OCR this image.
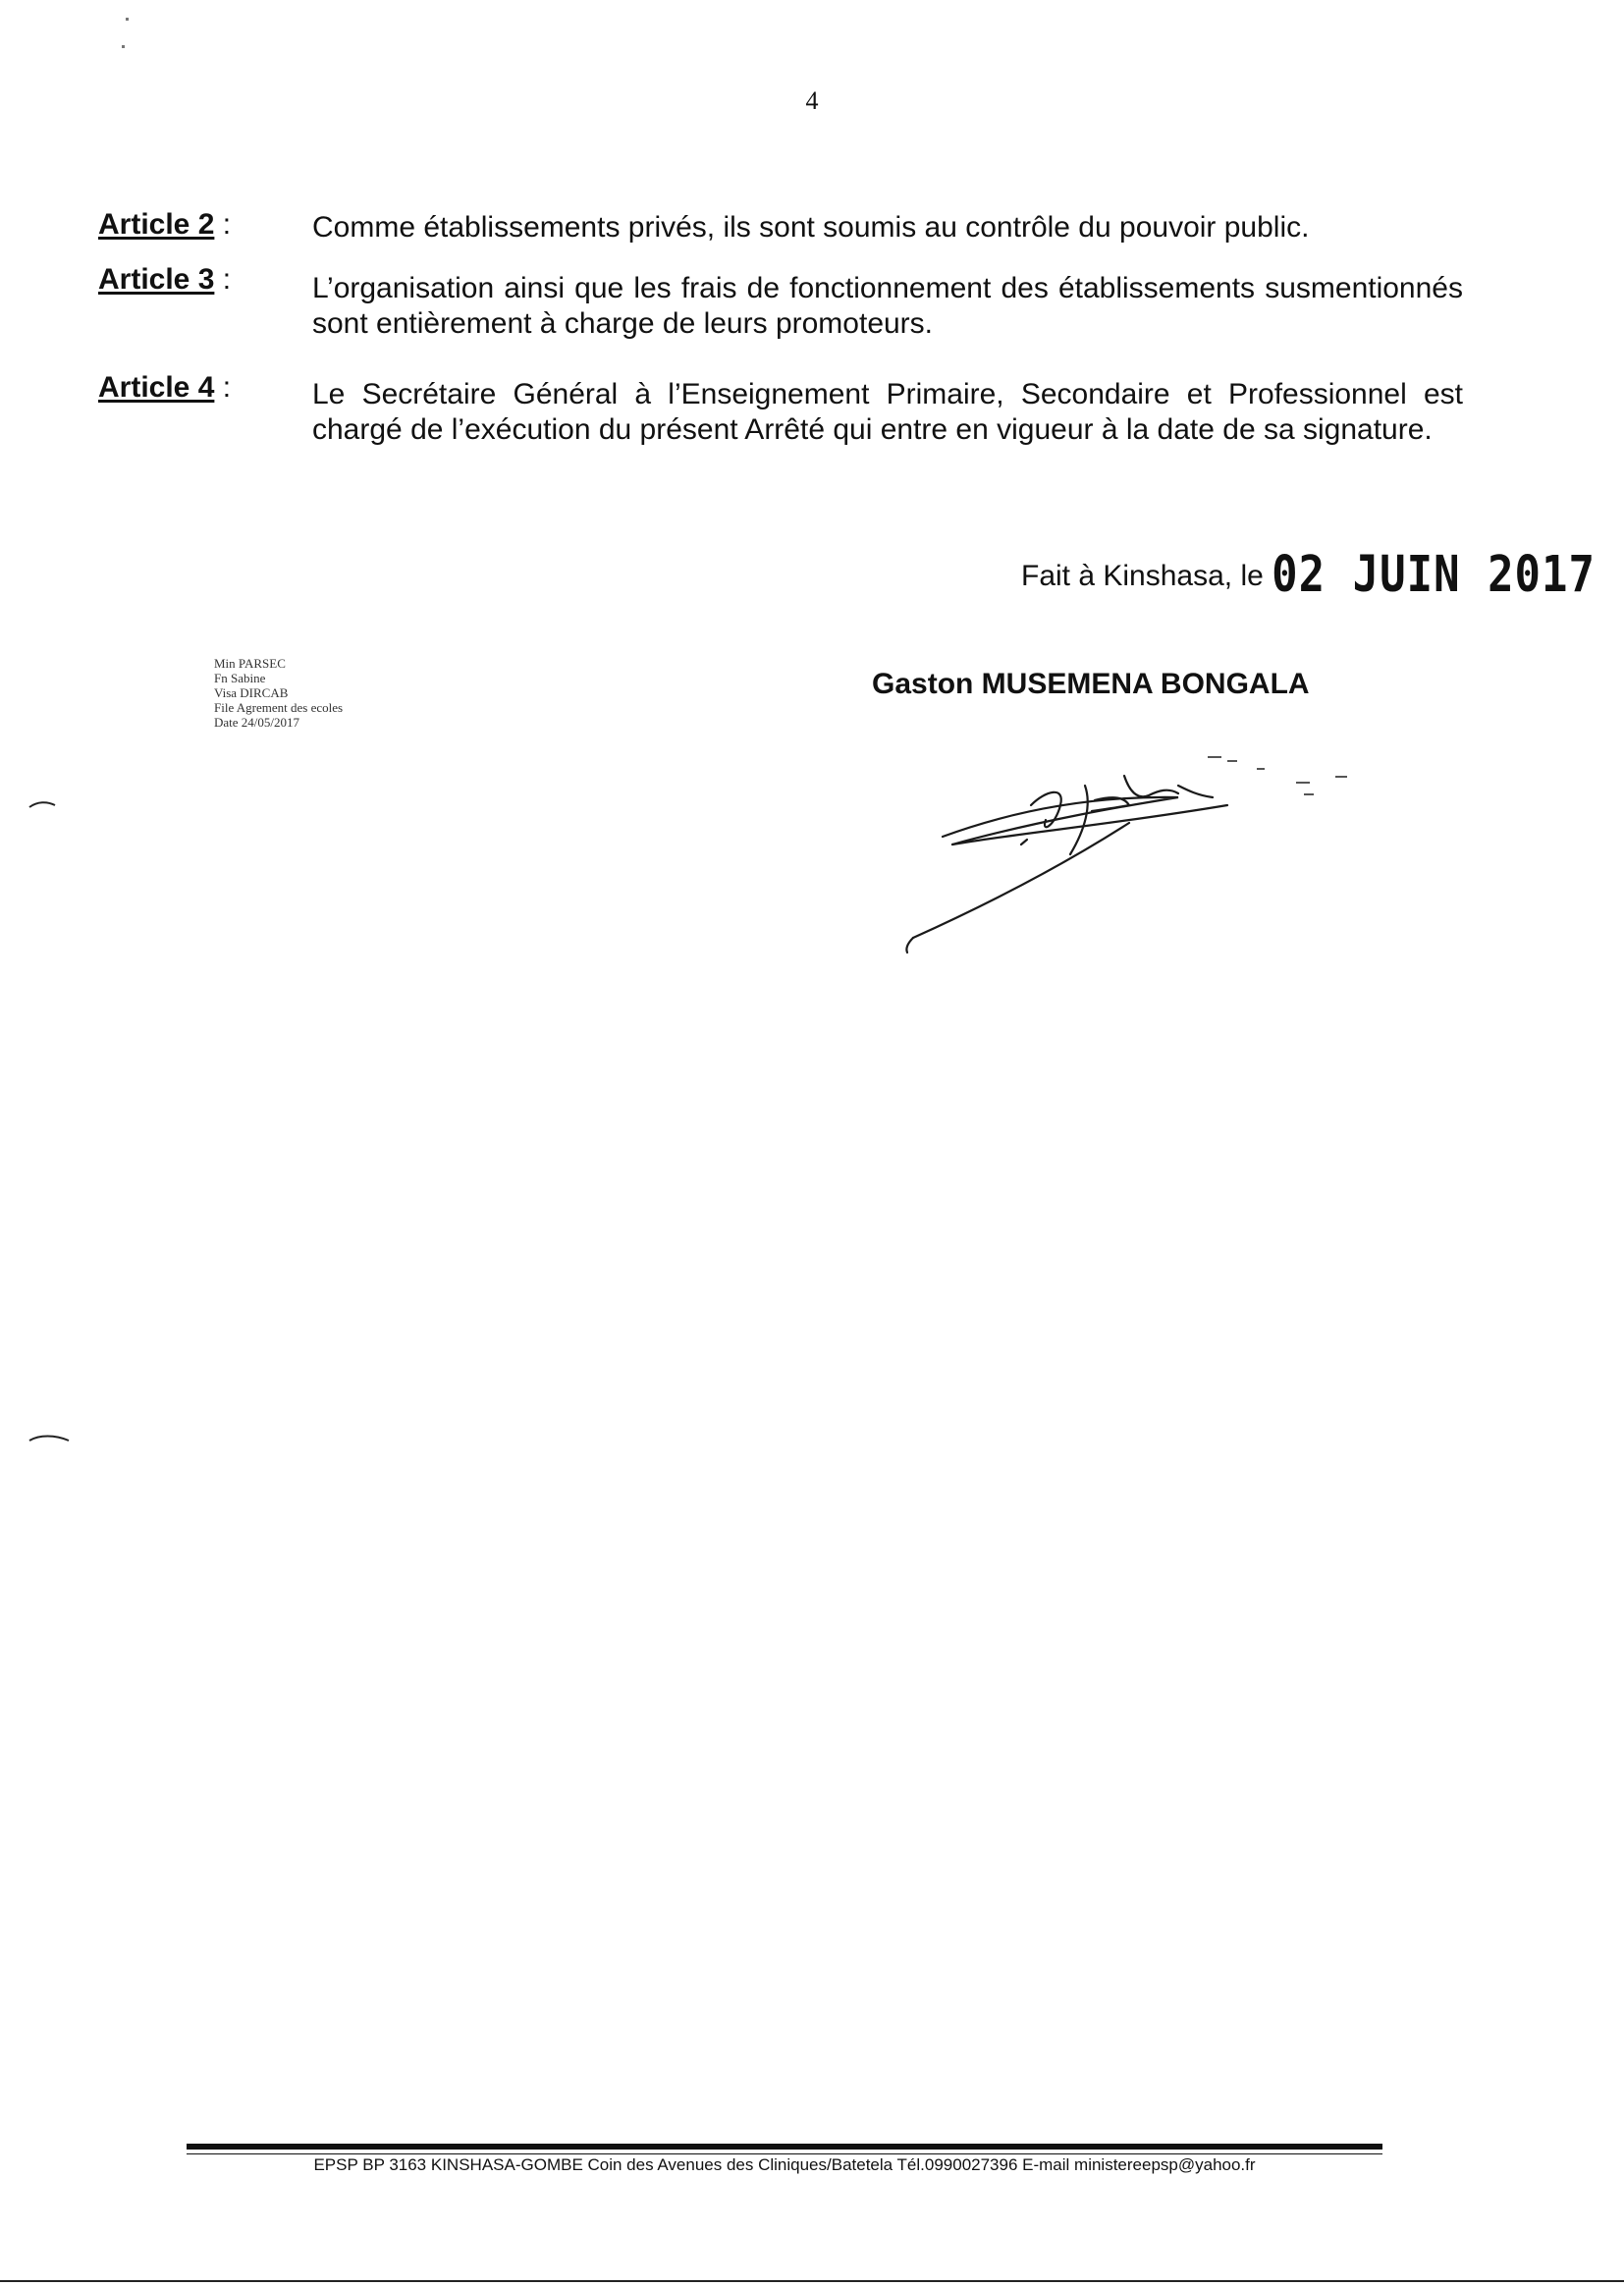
4
Article 2 :	Comme établissements privés, ils sont soumis au contrôle du pouvoir public.
Article 3 :	L’organisation ainsi que les frais de fonctionnement des établissements susmentionnés sont entièrement à charge de leurs promoteurs.
Article 4 :	Le Secrétaire Général à l’Enseignement Primaire, Secondaire et Professionnel est chargé de l’exécution du présent Arrêté qui entre en vigueur à la date de sa signature.
Fait à Kinshasa, le 02 JUIN 2017
Min PARSEC
Fn Sabine
Visa DIRCAB
File Agrement des ecoles
Date 24/05/2017
Gaston MUSEMENA BONGALA
EPSP BP 3163 KINSHASA-GOMBE Coin des Avenues des Cliniques/Batetela Tél.0990027396 E-mail ministereepsp@yahoo.fr
